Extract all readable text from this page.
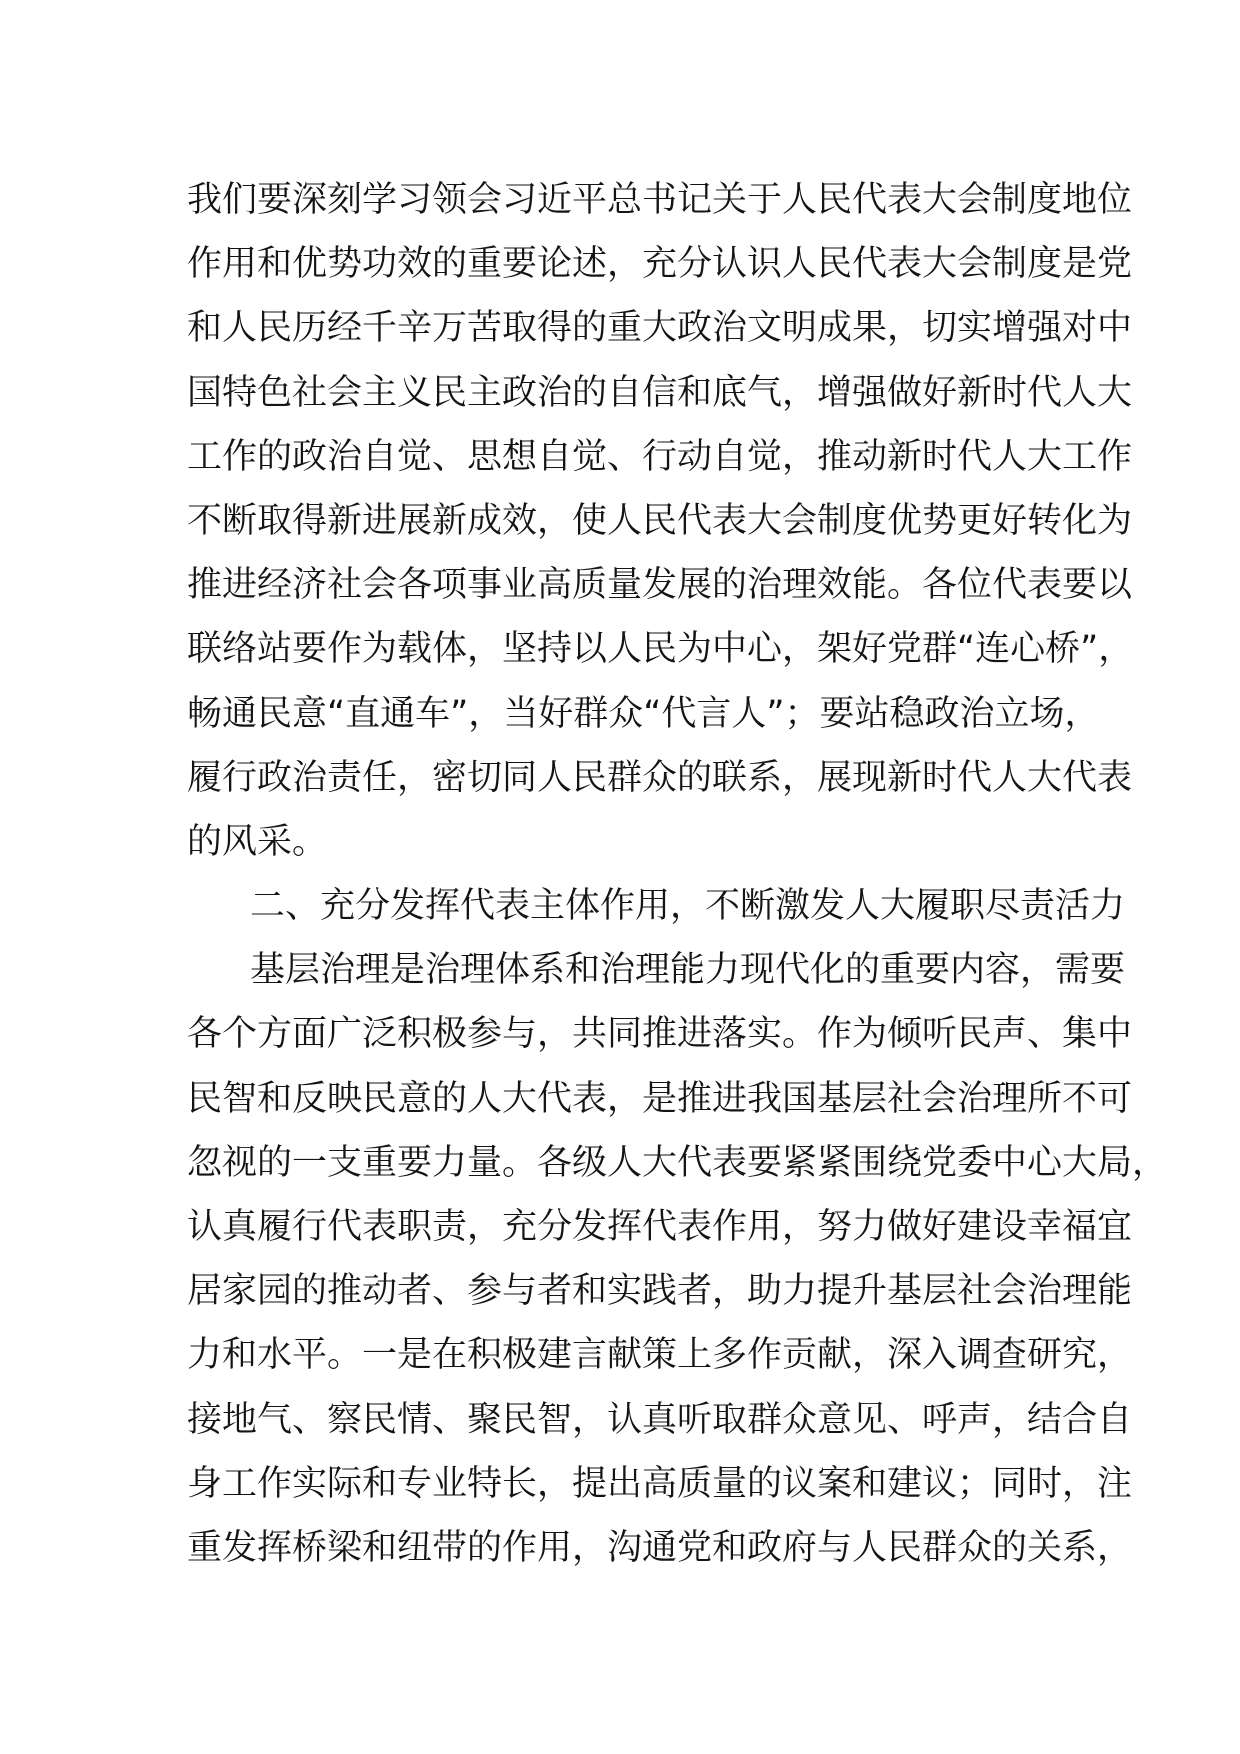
我们要深刻学习领会习近平总书记关于人民代表大会制度地位
作用和优势功效的重要论述，充分认识人民代表大会制度是党
和人民历经千辛万苦取得的重大政治文明成果，切实增强对中
国特色社会主义民主政治的自信和底气，增强做好新时代人大
工作的政治自觉、思想自觉、行动自觉，推动新时代人大工作
不断取得新进展新成效，使人民代表大会制度优势更好转化为
推进经济社会各项事业高质量发展的治理效能。各位代表要以
联络站要作为载体，坚持以人民为中心，架好党群“连心桥”，
畅通民意“直通车”，当好群众“代言人”；要站稳政治立场，
履行政治责任，密切同人民群众的联系，展现新时代人大代表
的风采。
二、充分发挥代表主体作用，不断激发人大履职尽责活力
基层治理是治理体系和治理能力现代化的重要内容，需要
各个方面广泛积极参与，共同推进落实。作为倾听民声、集中
民智和反映民意的人大代表，是推进我国基层社会治理所不可
忽视的一支重要力量。各级人大代表要紧紧围绕党委中心大局，
认真履行代表职责，充分发挥代表作用，努力做好建设幸福宜
居家园的推动者、参与者和实践者，助力提升基层社会治理能
力和水平。一是在积极建言献策上多作贡献，深入调查研究，
接地气、察民情、聚民智，认真听取群众意见、呼声，结合自
身工作实际和专业特长，提出高质量的议案和建议；同时，注
重发挥桥梁和纽带的作用，沟通党和政府与人民群众的关系，
